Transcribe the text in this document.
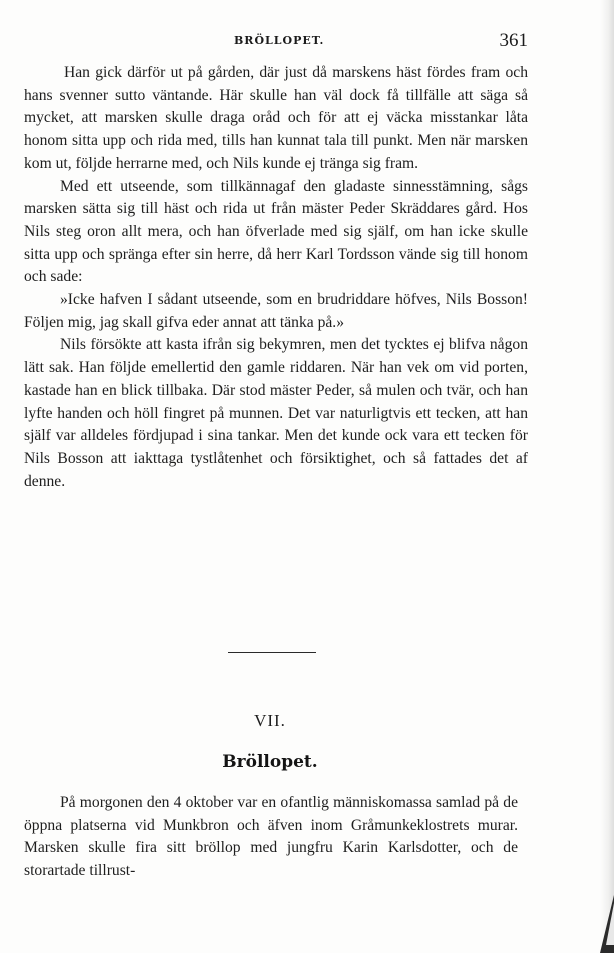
BRÖLLOPET.	361

Han gick därför ut på gården, där just då marskens häst fördes fram och hans svenner sutto väntande. Här skulle han väl dock få tillfälle att säga så mycket, att marsken skulle draga oråd och för att ej väcka misstankar låta honom sitta upp och rida med, tills han kunnat tala till punkt. Men när marsken kom ut, följde herrarne med, och Nils kunde ej tränga sig fram.

Med ett utseende, som tillkännagaf den gladaste sinnesstämning, sågs marsken sätta sig till häst och rida ut från mäster Peder Skräddares gård. Hos Nils steg oron allt mera, och han öfverlade med sig själf, om han icke skulle sitta upp och spränga efter sin herre, då herr Karl Tordsson vände sig till honom och sade:

»Icke hafven I sådant utseende, som en brudriddare höfves, Nils Bosson! Följen mig, jag skall gifva eder annat att tänka på.»

Nils försökte att kasta ifrån sig bekymren, men det tycktes ej blifva någon lätt sak. Han följde emellertid den gamle riddaren. När han vek om vid porten, kastade han en blick tillbaka. Där stod mäster Peder, så mulen och tvär, och han lyfte handen och höll fingret på munnen. Det var naturligtvis ett tecken, att han själf var alldeles fördjupad i sina tankar. Men det kunde ock vara ett tecken för Nils Bosson att iakttaga tystlåtenhet och försiktighet, och så fattades det af denne.

VII.
Bröllopet.

På morgonen den 4 oktober var en ofantlig människomassa samlad på de öppna platserna vid Munkbron och äfven inom Gråmunkeklostrets murar. Marsken skulle fira sitt bröllop med jungfru Karin Karlsdotter, och de storartade tillrust-
